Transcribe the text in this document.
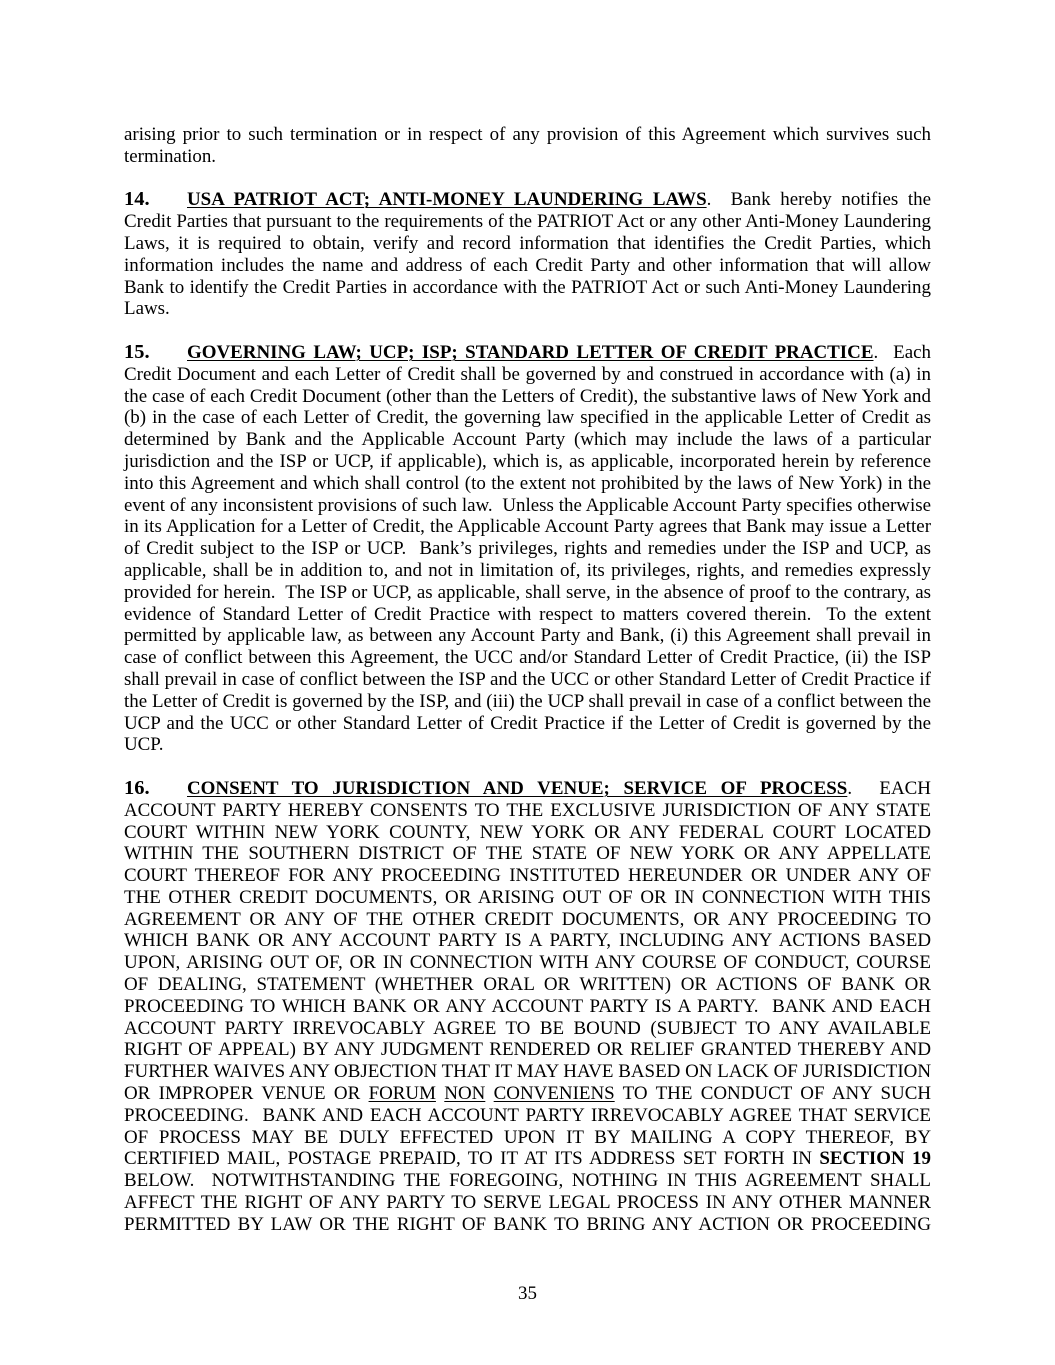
arising prior to such termination or in respect of any provision of this Agreement which survives such termination.

14. USA PATRIOT ACT; ANTI-MONEY LAUNDERING LAWS.  Bank hereby notifies the Credit Parties that pursuant to the requirements of the PATRIOT Act or any other Anti-Money Laundering Laws, it is required to obtain, verify and record information that identifies the Credit Parties, which information includes the name and address of each Credit Party and other information that will allow Bank to identify the Credit Parties in accordance with the PATRIOT Act or such Anti-Money Laundering Laws.

15. GOVERNING LAW; UCP; ISP; STANDARD LETTER OF CREDIT PRACTICE.  Each Credit Document and each Letter of Credit shall be governed by and construed in accordance with (a) in the case of each Credit Document (other than the Letters of Credit), the substantive laws of New York and (b) in the case of each Letter of Credit, the governing law specified in the applicable Letter of Credit as determined by Bank and the Applicable Account Party (which may include the laws of a particular jurisdiction and the ISP or UCP, if applicable), which is, as applicable, incorporated herein by reference into this Agreement and which shall control (to the extent not prohibited by the laws of New York) in the event of any inconsistent provisions of such law.  Unless the Applicable Account Party specifies otherwise in its Application for a Letter of Credit, the Applicable Account Party agrees that Bank may issue a Letter of Credit subject to the ISP or UCP.  Bank’s privileges, rights and remedies under the ISP and UCP, as applicable, shall be in addition to, and not in limitation of, its privileges, rights, and remedies expressly provided for herein.  The ISP or UCP, as applicable, shall serve, in the absence of proof to the contrary, as evidence of Standard Letter of Credit Practice with respect to matters covered therein.  To the extent permitted by applicable law, as between any Account Party and Bank, (i) this Agreement shall prevail in case of conflict between this Agreement, the UCC and/or Standard Letter of Credit Practice, (ii) the ISP shall prevail in case of conflict between the ISP and the UCC or other Standard Letter of Credit Practice if the Letter of Credit is governed by the ISP, and (iii) the UCP shall prevail in case of a conflict between the UCP and the UCC or other Standard Letter of Credit Practice if the Letter of Credit is governed by the UCP.

16. CONSENT TO JURISDICTION AND VENUE; SERVICE OF PROCESS.  EACH ACCOUNT PARTY HEREBY CONSENTS TO THE EXCLUSIVE JURISDICTION OF ANY STATE COURT WITHIN NEW YORK COUNTY, NEW YORK OR ANY FEDERAL COURT LOCATED WITHIN THE SOUTHERN DISTRICT OF THE STATE OF NEW YORK OR ANY APPELLATE COURT THEREOF FOR ANY PROCEEDING INSTITUTED HEREUNDER OR UNDER ANY OF THE OTHER CREDIT DOCUMENTS, OR ARISING OUT OF OR IN CONNECTION WITH THIS AGREEMENT OR ANY OF THE OTHER CREDIT DOCUMENTS, OR ANY PROCEEDING TO WHICH BANK OR ANY ACCOUNT PARTY IS A PARTY, INCLUDING ANY ACTIONS BASED UPON, ARISING OUT OF, OR IN CONNECTION WITH ANY COURSE OF CONDUCT, COURSE OF DEALING, STATEMENT (WHETHER ORAL OR WRITTEN) OR ACTIONS OF BANK OR PROCEEDING TO WHICH BANK OR ANY ACCOUNT PARTY IS A PARTY.  BANK AND EACH ACCOUNT PARTY IRREVOCABLY AGREE TO BE BOUND (SUBJECT TO ANY AVAILABLE RIGHT OF APPEAL) BY ANY JUDGMENT RENDERED OR RELIEF GRANTED THEREBY AND FURTHER WAIVES ANY OBJECTION THAT IT MAY HAVE BASED ON LACK OF JURISDICTION OR IMPROPER VENUE OR FORUM NON CONVENIENS TO THE CONDUCT OF ANY SUCH PROCEEDING.  BANK AND EACH ACCOUNT PARTY IRREVOCABLY AGREE THAT SERVICE OF PROCESS MAY BE DULY EFFECTED UPON IT BY MAILING A COPY THEREOF, BY CERTIFIED MAIL, POSTAGE PREPAID, TO IT AT ITS ADDRESS SET FORTH IN SECTION 19 BELOW.  NOTWITHSTANDING THE FOREGOING, NOTHING IN THIS AGREEMENT SHALL AFFECT THE RIGHT OF ANY PARTY TO SERVE LEGAL PROCESS IN ANY OTHER MANNER PERMITTED BY LAW OR THE RIGHT OF BANK TO BRING ANY ACTION OR PROCEEDING

35
